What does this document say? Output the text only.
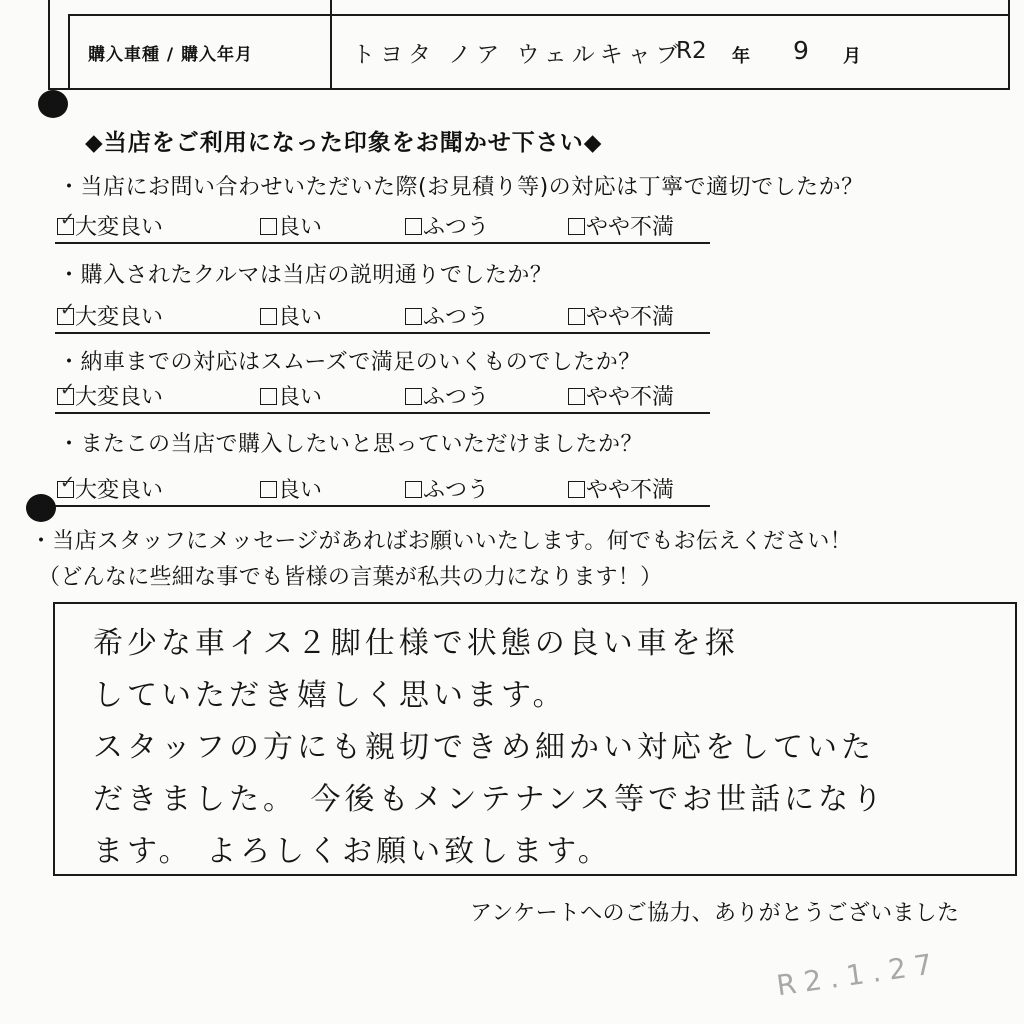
購入車種 / 購入年月	トヨタ ノア ウェルキャブ
R2 年 9 月
◆当店をご利用になった印象をお聞かせ下さい◆
・当店にお問い合わせいただいた際(お見積り等)の対応は丁寧で適切でしたか？
✓ 大変良い	良い	ふつう	やや不満
・購入されたクルマは当店の説明通りでしたか？
✓ 大変良い	良い	ふつう	やや不満
・納車までの対応はスムーズで満足のいくものでしたか？
✓ 大変良い	良い	ふつう	やや不満
・またこの当店で購入したいと思っていただけましたか？
✓ 大変良い	良い	ふつう	やや不満
・当店スタッフにメッセージがあればお願いいたします。何でもお伝えください！
（どんなに些細な事でも皆様の言葉が私共の力になります！）
希少な車イス２脚仕様で状態の良い車を探
していただき嬉しく思います。
スタッフの方にも親切できめ細かい対応をしていた
だきました。 今後もメンテナンス等でお世話になり
ます。 よろしくお願い致します。
アンケートへのご協力、ありがとうございました
R2.1.27
